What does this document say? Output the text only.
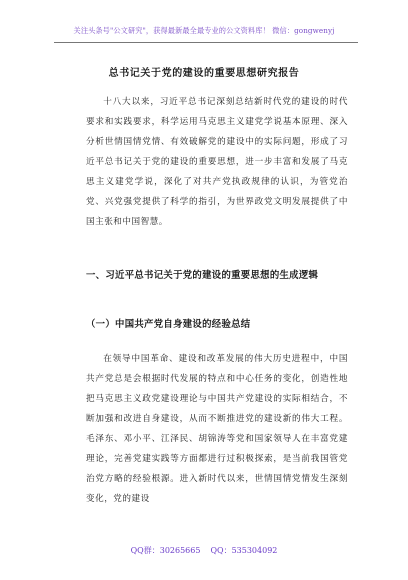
关注头条号"公文研究"，获得最新最全最专业的公文资料库！ 微信：gongwenyj
总书记关于党的建设的重要思想研究报告

十八大以来，习近平总书记深刻总结新时代党的建设的时代要求和实践要求，科学运用马克思主义建党学说基本原理、深入分析世情国情党情、有效破解党的建设中的实际问题，形成了习近平总书记关于党的建设的重要思想，进一步丰富和发展了马克思主义建党学说，深化了对共产党执政规律的认识，为管党治党、兴党强党提供了科学的指引，为世界政党文明发展提供了中国主张和中国智慧。

一、习近平总书记关于党的建设的重要思想的生成逻辑

（一）中国共产党自身建设的经验总结

在领导中国革命、建设和改革发展的伟大历史进程中，中国共产党总是会根据时代发展的特点和中心任务的变化，创造性地把马克思主义政党建设理论与中国共产党建设的实际相结合，不断加强和改进自身建设，从而不断推进党的建设新的伟大工程。毛泽东、邓小平、江泽民、胡锦涛等党和国家领导人在丰富党建理论，完善党建实践等方面都进行过积极探索，是当前我国管党治党方略的经验根源。进入新时代以来，世情国情党情发生深刻变化，党的建设

QQ群：30265665 QQ：535304092
